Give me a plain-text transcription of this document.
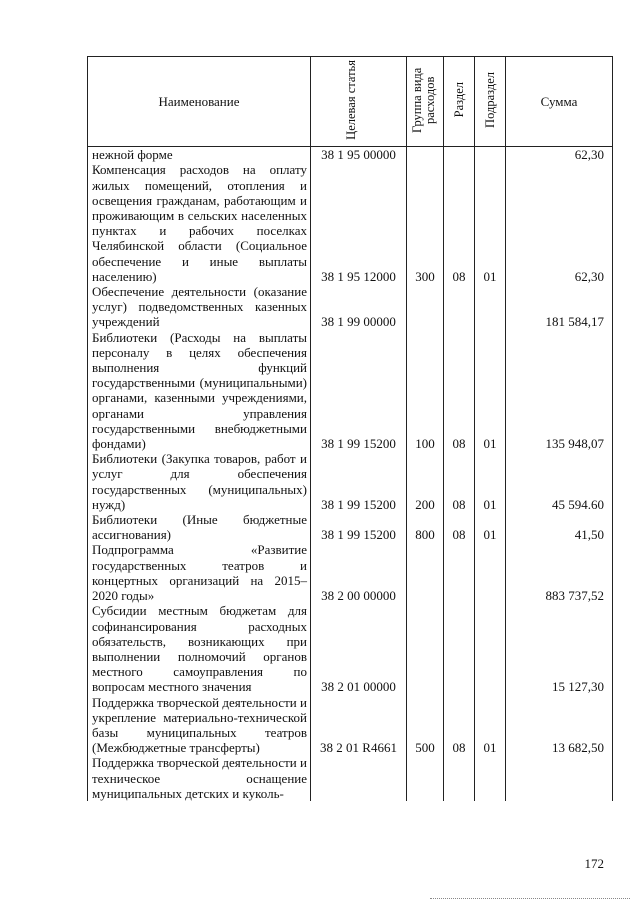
Наименование	Целевая статья	Группа вида расходов	Раздел	Подраздел	Сумма
нежной форме	38 1 95 00000				62,30
Компенсация расходов на оплату жилых помещений, отопления и освещения гражданам, работающим и проживающим в сельских населенных пунктах и рабочих поселках Челябинской области (Социальное обеспечение и иные выплаты населению)	38 1 95 12000	300	08	01	62,30
Обеспечение деятельности (оказание услуг) подведомственных казенных учреждений	38 1 99 00000				181 584,17
Библиотеки (Расходы на выплаты персоналу в целях обеспечения выполнения функций государственными (муниципальными) органами, казенными учреждениями, органами управления государственными внебюджетными фондами)	38 1 99 15200	100	08	01	135 948,07
Библиотеки (Закупка товаров, работ и услуг для обеспечения государственных (муниципальных) нужд)	38 1 99 15200	200	08	01	45 594.60
Библиотеки (Иные бюджетные ассигнования)	38 1 99 15200	800	08	01	41,50
Подпрограмма «Развитие государственных театров и концертных организаций на 2015–2020 годы»	38 2 00 00000				883 737,52
Субсидии местным бюджетам для софинансирования расходных обязательств, возникающих при выполнении полномочий органов местного самоуправления по вопросам местного значения	38 2 01 00000				15 127,30
Поддержка творческой деятельности и укрепление материально-технической базы муниципальных театров (Межбюджетные трансферты)	38 2 01 R4661	500	08	01	13 682,50
Поддержка творческой деятельности и техническое оснащение муниципальных детских и куколь-					
172
